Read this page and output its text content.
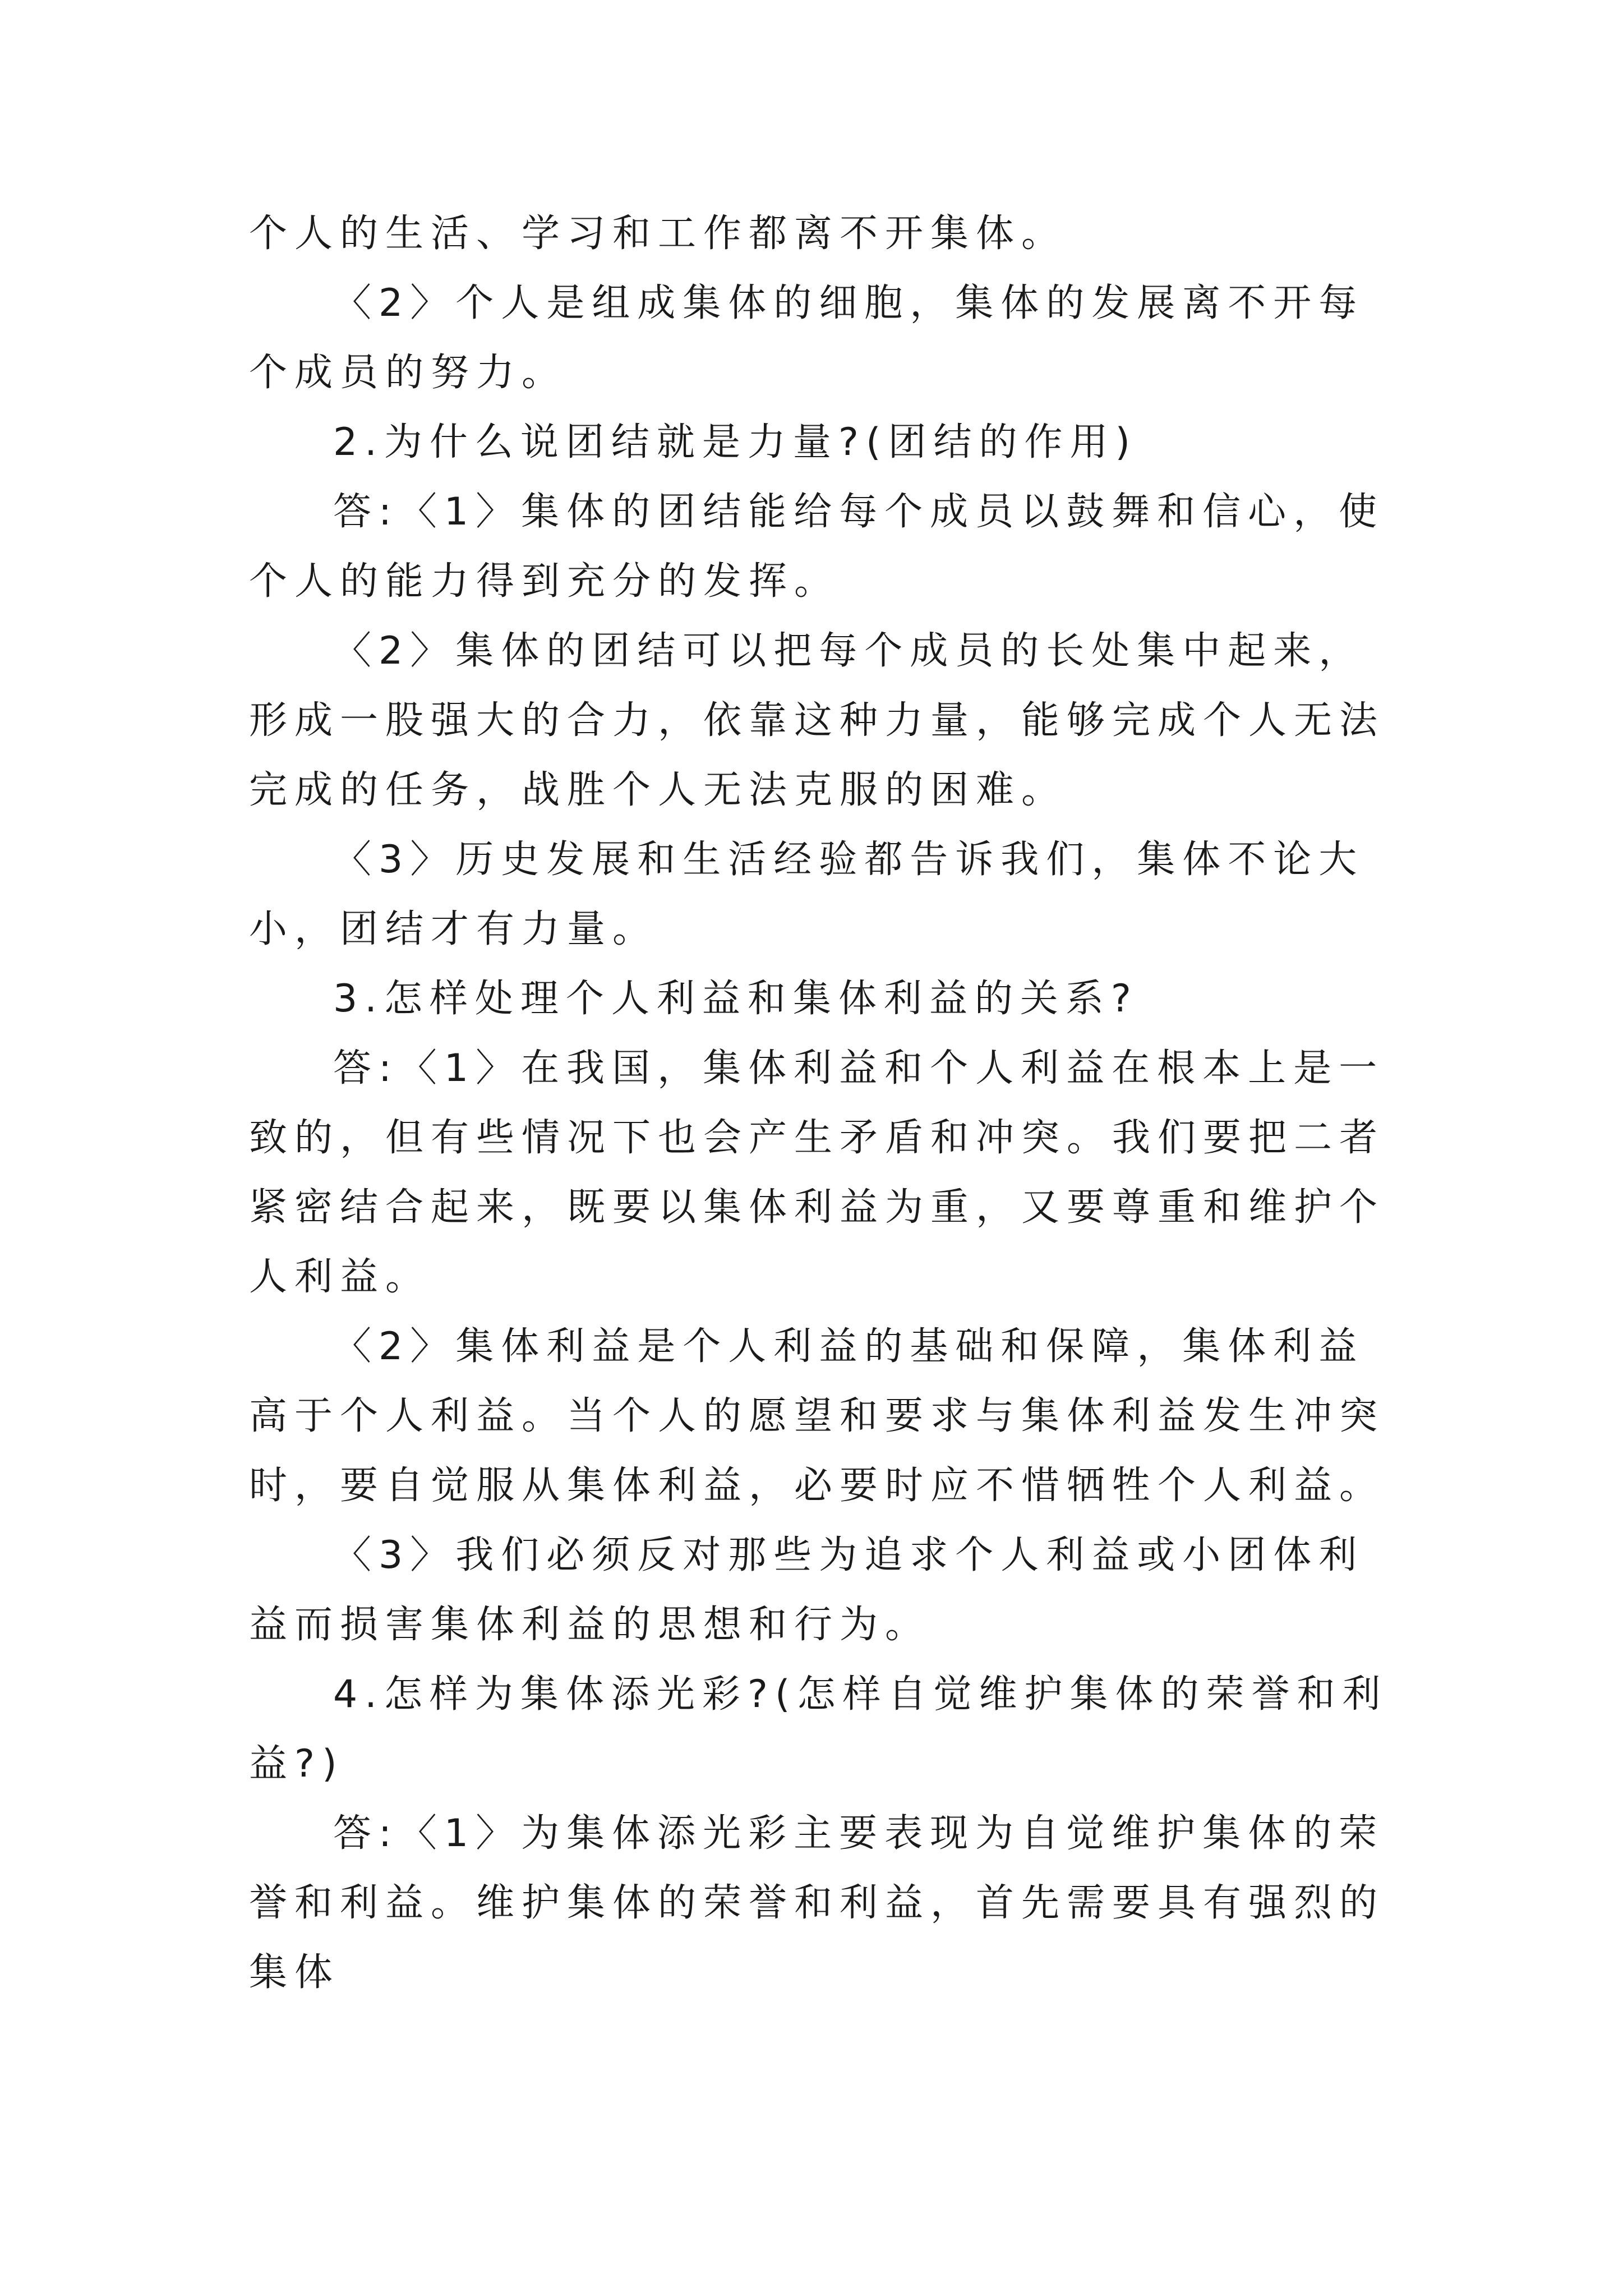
个人的生活、学习和工作都离不开集体。

〈2〉个人是组成集体的细胞，集体的发展离不开每个成员的努力。

2.为什么说团结就是力量?(团结的作用)

答:〈1〉集体的团结能给每个成员以鼓舞和信心，使个人的能力得到充分的发挥。

〈2〉集体的团结可以把每个成员的长处集中起来，形成一股强大的合力，依靠这种力量，能够完成个人无法完成的任务，战胜个人无法克服的困难。

〈3〉历史发展和生活经验都告诉我们，集体不论大小，团结才有力量。

3.怎样处理个人利益和集体利益的关系?

答:〈1〉在我国，集体利益和个人利益在根本上是一致的，但有些情况下也会产生矛盾和冲突。我们要把二者紧密结合起来，既要以集体利益为重，又要尊重和维护个人利益。

〈2〉集体利益是个人利益的基础和保障，集体利益高于个人利益。当个人的愿望和要求与集体利益发生冲突时，要自觉服从集体利益，必要时应不惜牺牲个人利益。

〈3〉我们必须反对那些为追求个人利益或小团体利益而损害集体利益的思想和行为。

4.怎样为集体添光彩?(怎样自觉维护集体的荣誉和利益?)

答:〈1〉为集体添光彩主要表现为自觉维护集体的荣誉和利益。维护集体的荣誉和利益，首先需要具有强烈的集体
